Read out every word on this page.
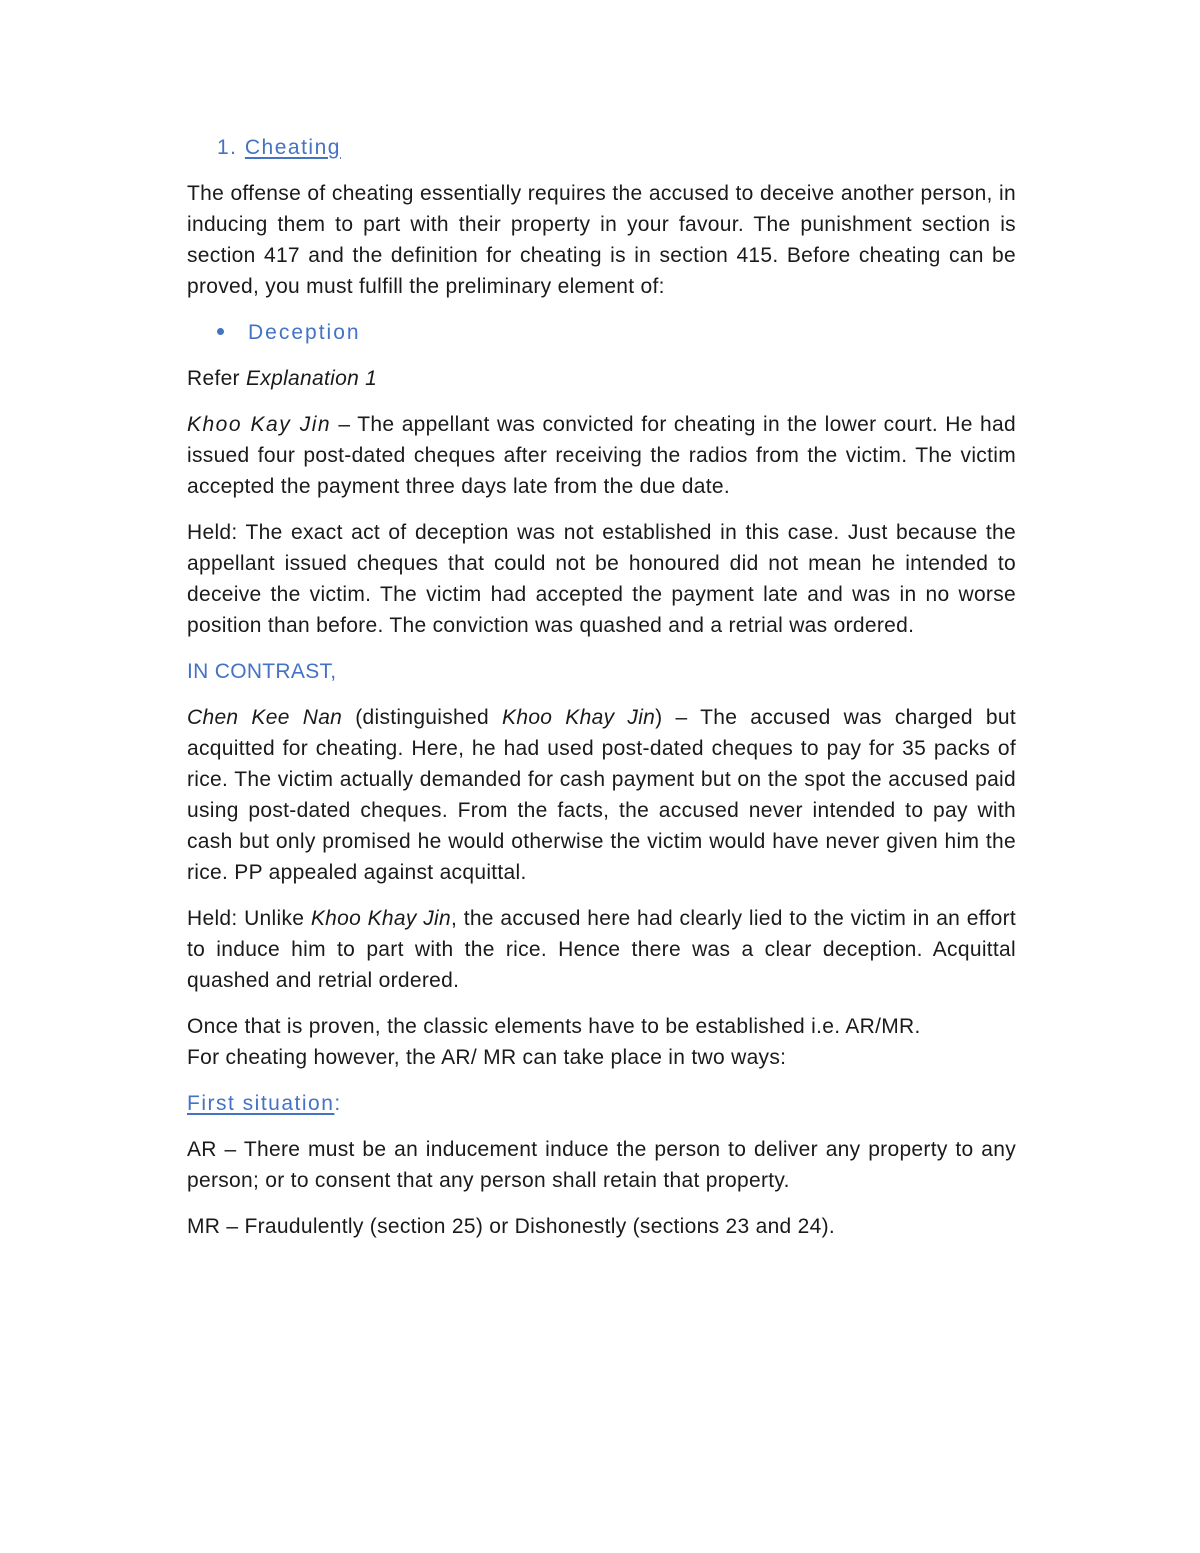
1. Cheating

The offense of cheating essentially requires the accused to deceive another person, in inducing them to part with their property in your favour. The punishment section is section 417 and the definition for cheating is in section 415. Before cheating can be proved, you must fulfill the preliminary element of:

Deception

Refer Explanation 1

Khoo Kay Jin – The appellant was convicted for cheating in the lower court. He had issued four post-dated cheques after receiving the radios from the victim. The victim accepted the payment three days late from the due date.

Held: The exact act of deception was not established in this case. Just because the appellant issued cheques that could not be honoured did not mean he intended to deceive the victim. The victim had accepted the payment late and was in no worse position than before. The conviction was quashed and a retrial was ordered.

IN CONTRAST,

Chen Kee Nan (distinguished Khoo Khay Jin) – The accused was charged but acquitted for cheating. Here, he had used post-dated cheques to pay for 35 packs of rice. The victim actually demanded for cash payment but on the spot the accused paid using post-dated cheques. From the facts, the accused never intended to pay with cash but only promised he would otherwise the victim would have never given him the rice. PP appealed against acquittal.

Held: Unlike Khoo Khay Jin, the accused here had clearly lied to the victim in an effort to induce him to part with the rice. Hence there was a clear deception. Acquittal quashed and retrial ordered.

Once that is proven, the classic elements have to be established i.e. AR/MR.
For cheating however, the AR/ MR can take place in two ways:

First situation:

AR – There must be an inducement induce the person to deliver any property to any person; or to consent that any person shall retain that property.

MR – Fraudulently (section 25) or Dishonestly (sections 23 and 24).
